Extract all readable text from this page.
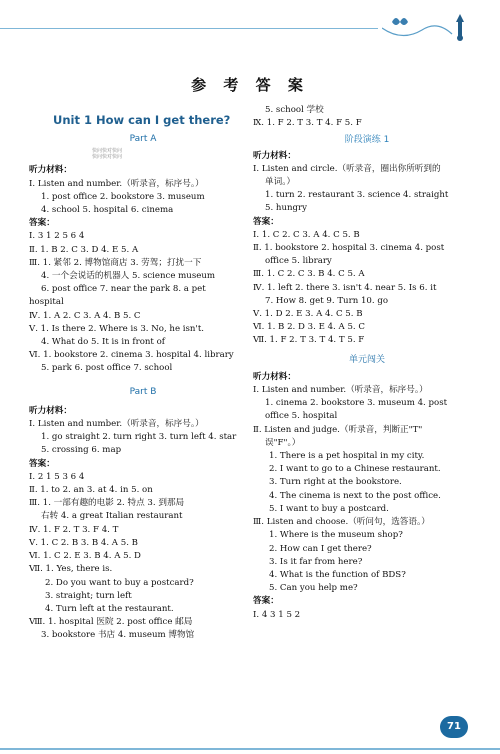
参 考 答 案
Unit 1 How can I get there?
Part A
快问快对快问
快问快对快问
听力材料：
Ⅰ. Listen and number.（听录音，标序号。）
1. post office 2. bookstore 3. museum
4. school 5. hospital 6. cinema
答案：
Ⅰ. 3 1 2 5 6 4
Ⅱ. 1. B 2. C 3. D 4. E 5. A
Ⅲ. 1. 紧邻 2. 博物馆商店 3. 劳驾；打扰一下
4. 一个会说话的机器人 5. science museum
6. post office 7. near the park 8. a pet
hospital
Ⅳ. 1. A 2. C 3. A 4. B 5. C
Ⅴ. 1. Is there 2. Where is 3. No, he isn't.
4. What do 5. It is in front of
Ⅵ. 1. bookstore 2. cinema 3. hospital 4. library
5. park 6. post office 7. school
Part B
听力材料：
Ⅰ. Listen and number.（听录音，标序号。）
1. go straight 2. turn right 3. turn left 4. star
5. crossing 6. map
答案：
Ⅰ. 2 1 5 3 6 4
Ⅱ. 1. to 2. an 3. at 4. in 5. on
Ⅲ. 1. 一部有趣的电影 2. 特点 3. 到那局
右转 4. a great Italian restaurant
Ⅳ. 1. F 2. T 3. F 4. T
Ⅴ. 1. C 2. B 3. B 4. A 5. B
Ⅵ. 1. C 2. E 3. B 4. A 5. D
Ⅶ. 1. Yes, there is.
2. Do you want to buy a postcard?
3. straight; turn left
4. Turn left at the restaurant.
Ⅷ. 1. hospital 医院 2. post office 邮局
3. bookstore 书店 4. museum 博物馆
5. school 学校
Ⅸ. 1. F 2. T 3. T 4. F 5. F
阶段演练 1
听力材料：
Ⅰ. Listen and circle.（听录音，圈出你所听到的
单词。）
1. turn 2. restaurant 3. science 4. straight
5. hungry
答案：
Ⅰ. 1. C 2. C 3. A 4. C 5. B
Ⅱ. 1. bookstore 2. hospital 3. cinema 4. post
office 5. library
Ⅲ. 1. C 2. C 3. B 4. C 5. A
Ⅳ. 1. left 2. there 3. isn't 4. near 5. Is 6. it
7. How 8. get 9. Turn 10. go
Ⅴ. 1. D 2. E 3. A 4. C 5. B
Ⅵ. 1. B 2. D 3. E 4. A 5. C
Ⅶ. 1. F 2. T 3. T 4. T 5. F
单元闯关
听力材料：
Ⅰ. Listen and number.（听录音，标序号。）
1. cinema 2. bookstore 3. museum 4. post
office 5. hospital
Ⅱ. Listen and judge.（听录音，判断正"T"
误"F"。）
1. There is a pet hospital in my city.
2. I want to go to a Chinese restaurant.
3. Turn right at the bookstore.
4. The cinema is next to the post office.
5. I want to buy a postcard.
Ⅲ. Listen and choose.（听问句，选答语。）
1. Where is the museum shop?
2. How can I get there?
3. Is it far from here?
4. What is the function of BDS?
5. Can you help me?
答案：
Ⅰ. 4 3 1 5 2
71
